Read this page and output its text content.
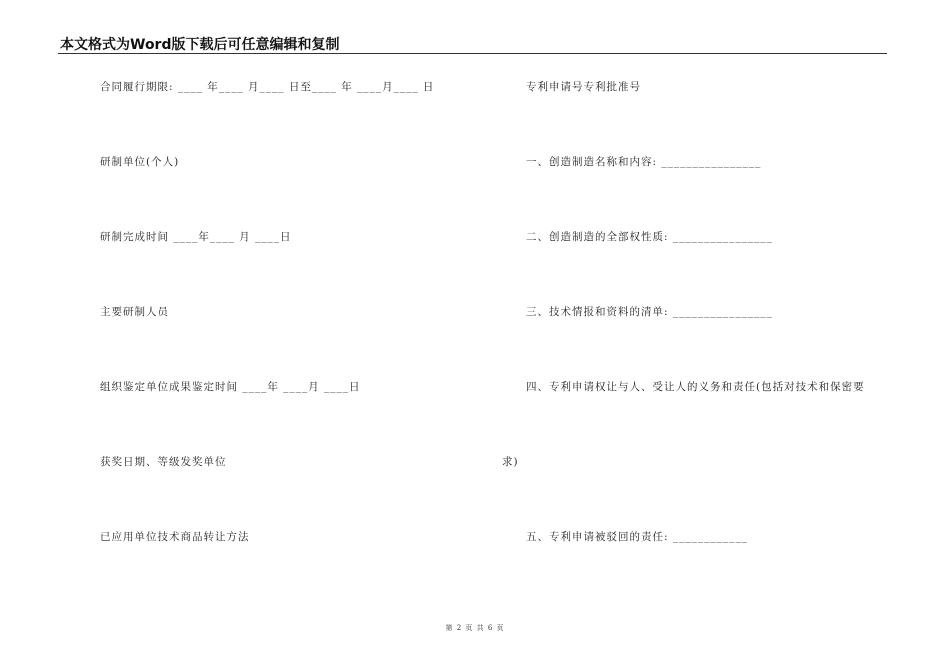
本文格式为Word版下载后可任意编辑和复制
合同履行期限: ____ 年____ 月____ 日至____ 年 ____月____ 日
研制单位(个人)
研制完成时间 ____年____ 月 ____日
主要研制人员
组织鉴定单位成果鉴定时间 ____年 ____月 ____日
获奖日期、等级发奖单位
已应用单位技术商品转让方法
专利申请号专利批准号
一、创造制造名称和内容: ________________
二、创造制造的全部权性质: ________________
三、技术情报和资料的清单: ________________
四、专利申请权让与人、受让人的义务和责任(包括对技术和保密要
求)
五、专利申请被驳回的责任: ____________
第 2 页 共 6 页
